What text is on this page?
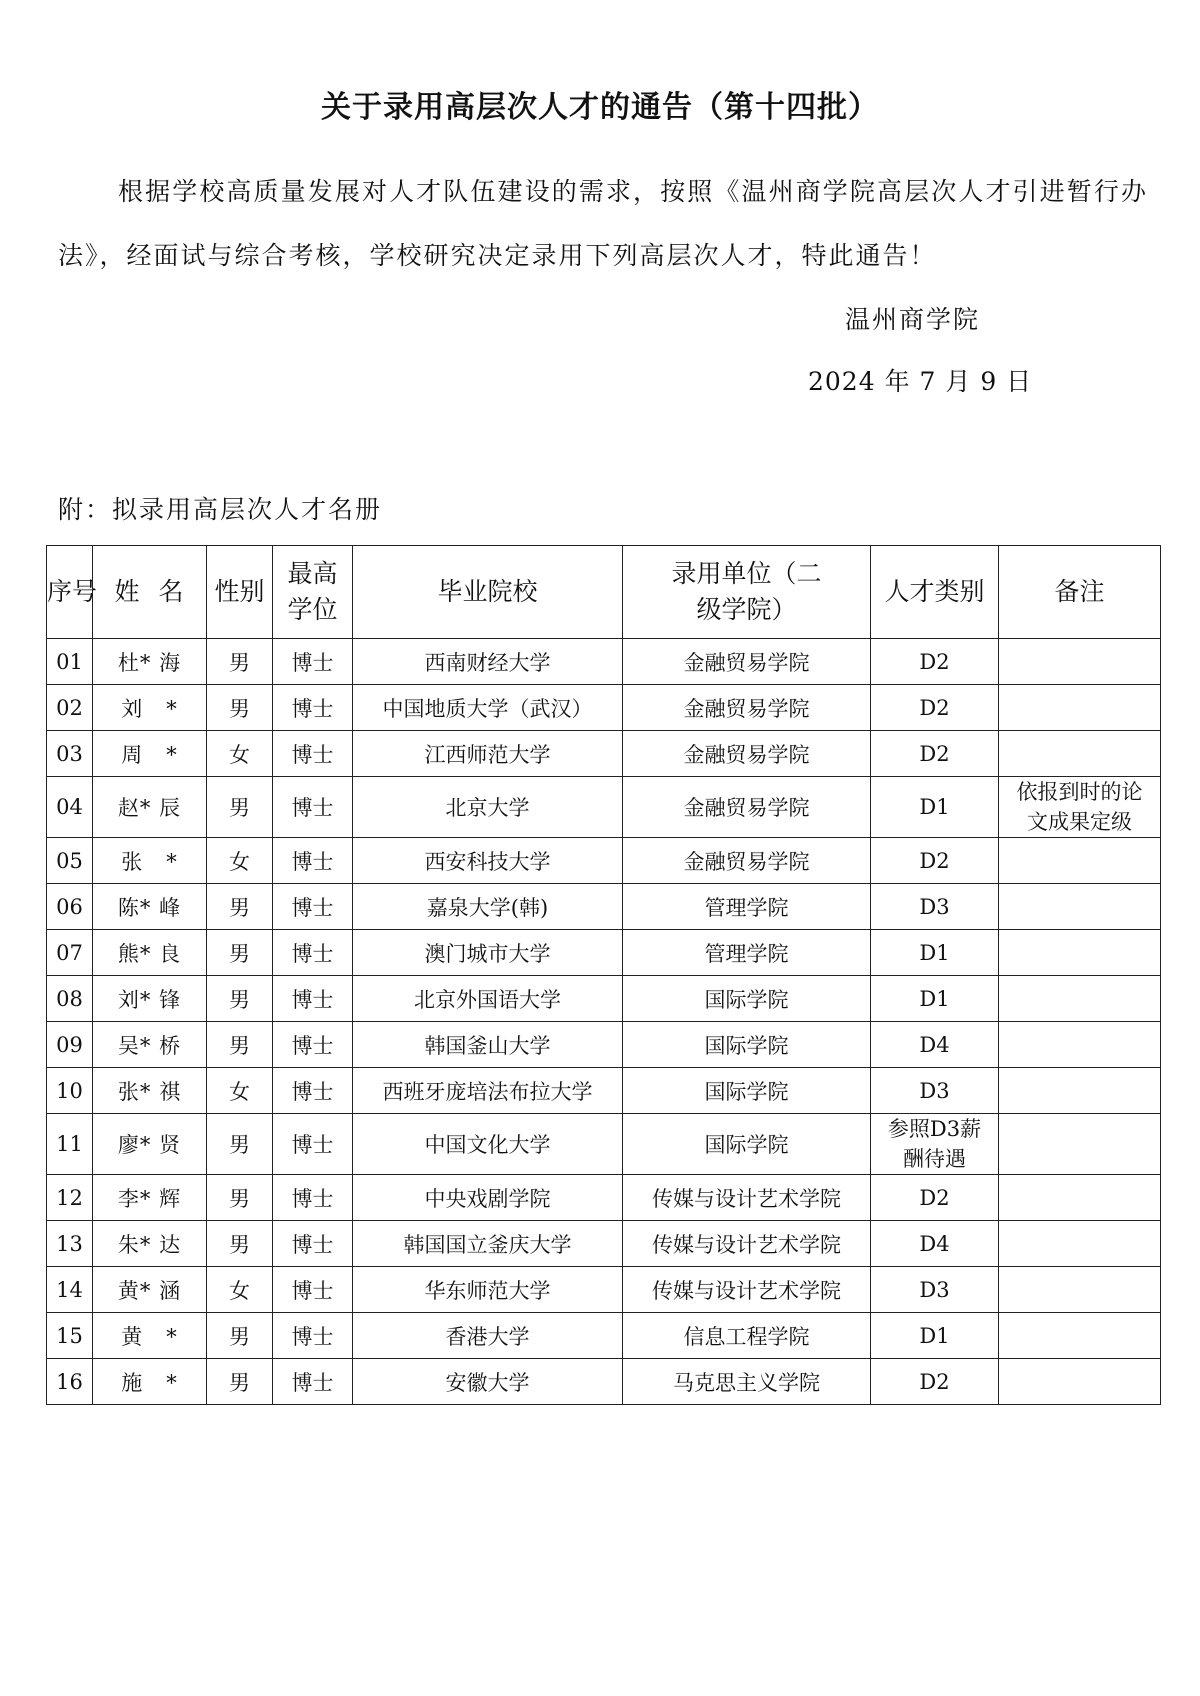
关于录用高层次人才的通告（第十四批）

根据学校高质量发展对人才队伍建设的需求，按照《温州商学院高层次人才引进暂行办法》，经面试与综合考核，学校研究决定录用下列高层次人才，特此通告！

温州商学院
2024 年 7 月 9 日
附：拟录用高层次人才名册
序号	姓  名	性别	最高学位	毕业院校	录用单位（二级学院）	人才类别	备注
01	杜* 海	男	博士	西南财经大学	金融贸易学院	D2	
02	刘   *	男	博士	中国地质大学（武汉）	金融贸易学院	D2	
03	周   *	女	博士	江西师范大学	金融贸易学院	D2	
04	赵* 辰	男	博士	北京大学	金融贸易学院	D1	依报到时的论文成果定级
05	张   *	女	博士	西安科技大学	金融贸易学院	D2	
06	陈* 峰	男	博士	嘉泉大学(韩)	管理学院	D3	
07	熊* 良	男	博士	澳门城市大学	管理学院	D1	
08	刘* 锋	男	博士	北京外国语大学	国际学院	D1	
09	吴* 桥	男	博士	韩国釜山大学	国际学院	D4	
10	张* 祺	女	博士	西班牙庞培法布拉大学	国际学院	D3	
11	廖* 贤	男	博士	中国文化大学	国际学院	参照D3薪酬待遇	
12	李* 辉	男	博士	中央戏剧学院	传媒与设计艺术学院	D2	
13	朱* 达	男	博士	韩国国立釜庆大学	传媒与设计艺术学院	D4	
14	黄* 涵	女	博士	华东师范大学	传媒与设计艺术学院	D3	
15	黄   *	男	博士	香港大学	信息工程学院	D1	
16	施   *	男	博士	安徽大学	马克思主义学院	D2	
